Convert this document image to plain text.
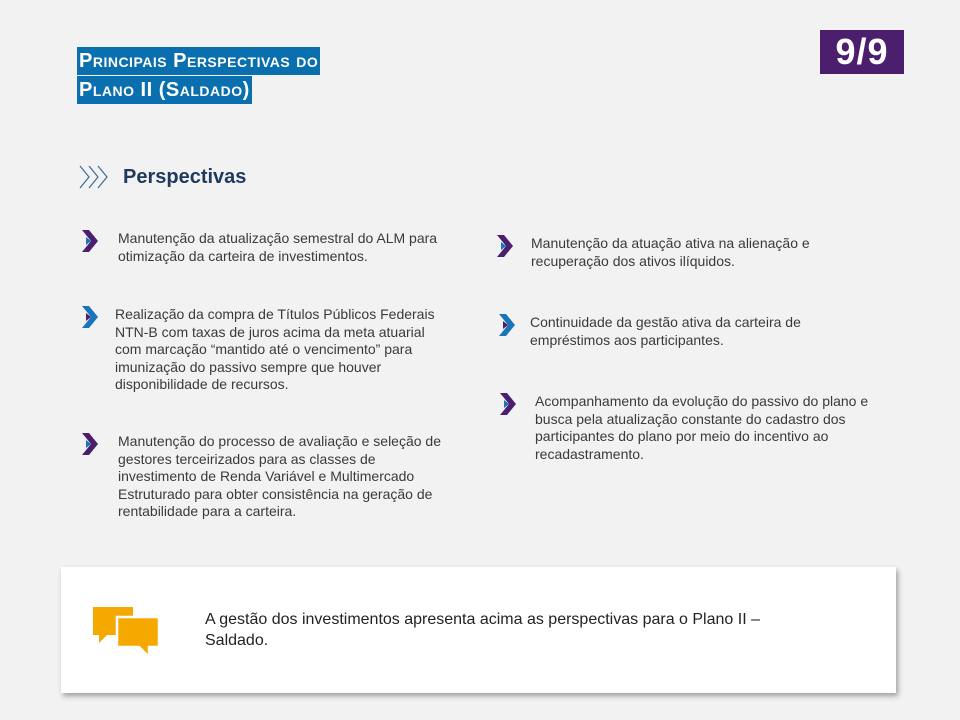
Principais Perspectivas do
Plano II (Saldado)
9/9
Perspectivas
Manutenção da atualização semestral do ALM para otimização da carteira de investimentos.
Realização da compra de Títulos Públicos Federais NTN-B com taxas de juros acima da meta atuarial com marcação “mantido até o vencimento” para imunização do passivo sempre que houver disponibilidade de recursos.
Manutenção do processo de avaliação e seleção de gestores terceirizados para as classes de investimento de Renda Variável e Multimercado Estruturado para obter consistência na geração de rentabilidade para a carteira.
Manutenção da atuação ativa na alienação e recuperação dos ativos ilíquidos.
Continuidade da gestão ativa da carteira de empréstimos aos participantes.
Acompanhamento da evolução do passivo do plano e busca pela atualização constante do cadastro dos participantes do plano por meio do incentivo ao recadastramento.
A gestão dos investimentos apresenta acima as perspectivas para o Plano II – Saldado.
